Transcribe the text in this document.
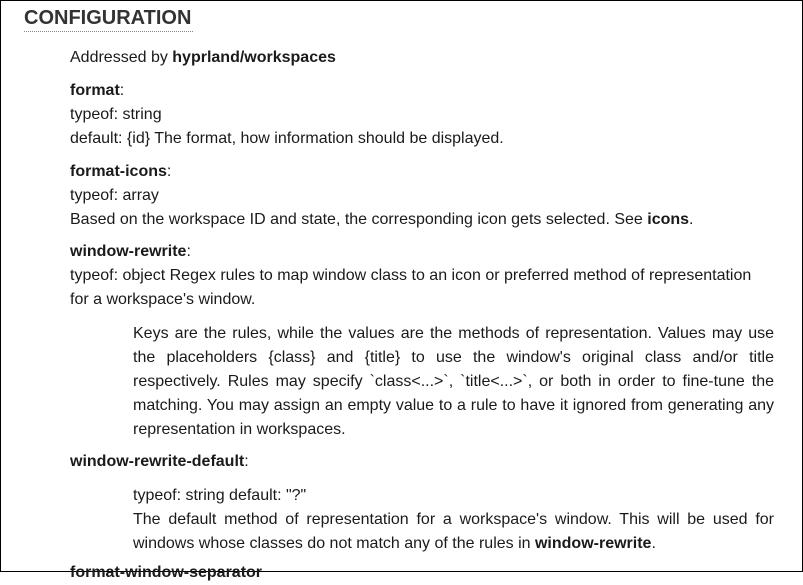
CONFIGURATION

Addressed by hyprland/workspaces

format:

typeof: string

default: {id} The format, how information should be displayed.

format-icons:

typeof: array

Based on the workspace ID and state, the corresponding icon gets selected. See icons.

window-rewrite:

typeof: object Regex rules to map window class to an icon or preferred method of representation for a workspace's window.

Keys are the rules, while the values are the methods of representation. Values may use the placeholders {class} and {title} to use the window's original class and/or title respectively. Rules may specify `class<...>`, `title<...>`, or both in order to fine-tune the matching. You may assign an empty value to a rule to have it ignored from generating any representation in workspaces.

window-rewrite-default:

typeof: string default: "?"

The default method of representation for a workspace's window. This will be used for windows whose classes do not match any of the rules in window-rewrite.

format-window-separator
